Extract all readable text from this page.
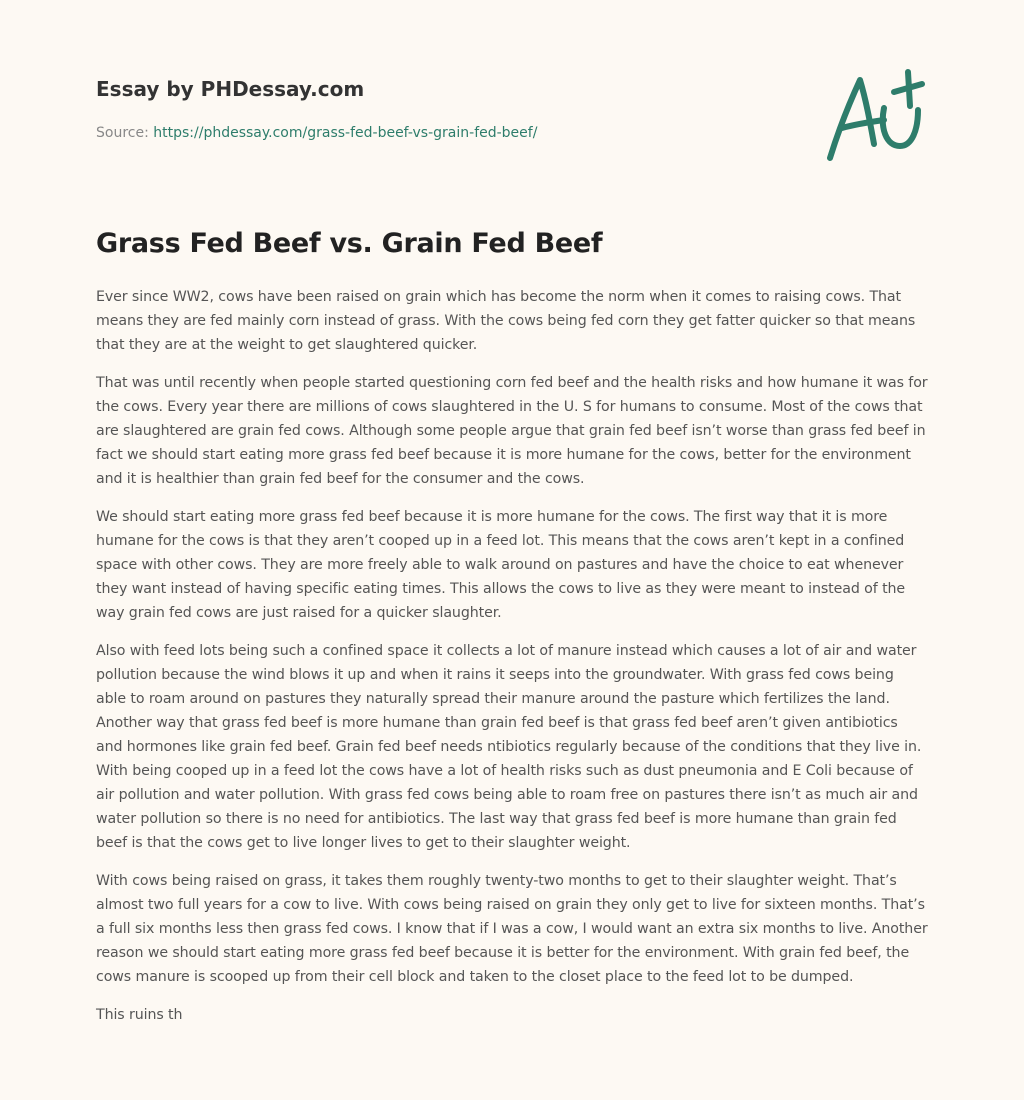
Essay by PHDessay.com
Source: https://phdessay.com/grass-fed-beef-vs-grain-fed-beef/
Grass Fed Beef vs. Grain Fed Beef

Ever since WW2, cows have been raised on grain which has become the norm when it comes to raising cows. That means they are fed mainly corn instead of grass. With the cows being fed corn they get fatter quicker so that means that they are at the weight to get slaughtered quicker.

That was until recently when people started questioning corn fed beef and the health risks and how humane it was for the cows. Every year there are millions of cows slaughtered in the U. S for humans to consume. Most of the cows that are slaughtered are grain fed cows. Although some people argue that grain fed beef isn’t worse than grass fed beef in fact we should start eating more grass fed beef because it is more humane for the cows, better for the environment and it is healthier than grain fed beef for the consumer and the cows.

We should start eating more grass fed beef because it is more humane for the cows. The first way that it is more humane for the cows is that they aren’t cooped up in a feed lot. This means that the cows aren’t kept in a confined space with other cows. They are more freely able to walk around on pastures and have the choice to eat whenever they want instead of having specific eating times. This allows the cows to live as they were meant to instead of the way grain fed cows are just raised for a quicker slaughter.

Also with feed lots being such a confined space it collects a lot of manure instead which causes a lot of air and water pollution because the wind blows it up and when it rains it seeps into the groundwater. With grass fed cows being able to roam around on pastures they naturally spread their manure around the pasture which fertilizes the land. Another way that grass fed beef is more humane than grain fed beef is that grass fed beef aren’t given antibiotics and hormones like grain fed beef. Grain fed beef needs ntibiotics regularly because of the conditions that they live in. With being cooped up in a feed lot the cows have a lot of health risks such as dust pneumonia and E Coli because of air pollution and water pollution. With grass fed cows being able to roam free on pastures there isn’t as much air and water pollution so there is no need for antibiotics. The last way that grass fed beef is more humane than grain fed beef is that the cows get to live longer lives to get to their slaughter weight.

With cows being raised on grass, it takes them roughly twenty-two months to get to their slaughter weight. That’s almost two full years for a cow to live. With cows being raised on grain they only get to live for sixteen months. That’s a full six months less then grass fed cows. I know that if I was a cow, I would want an extra six months to live. Another reason we should start eating more grass fed beef because it is better for the environment. With grain fed beef, the cows manure is scooped up from their cell block and taken to the closet place to the feed lot to be dumped.

This ruins th
